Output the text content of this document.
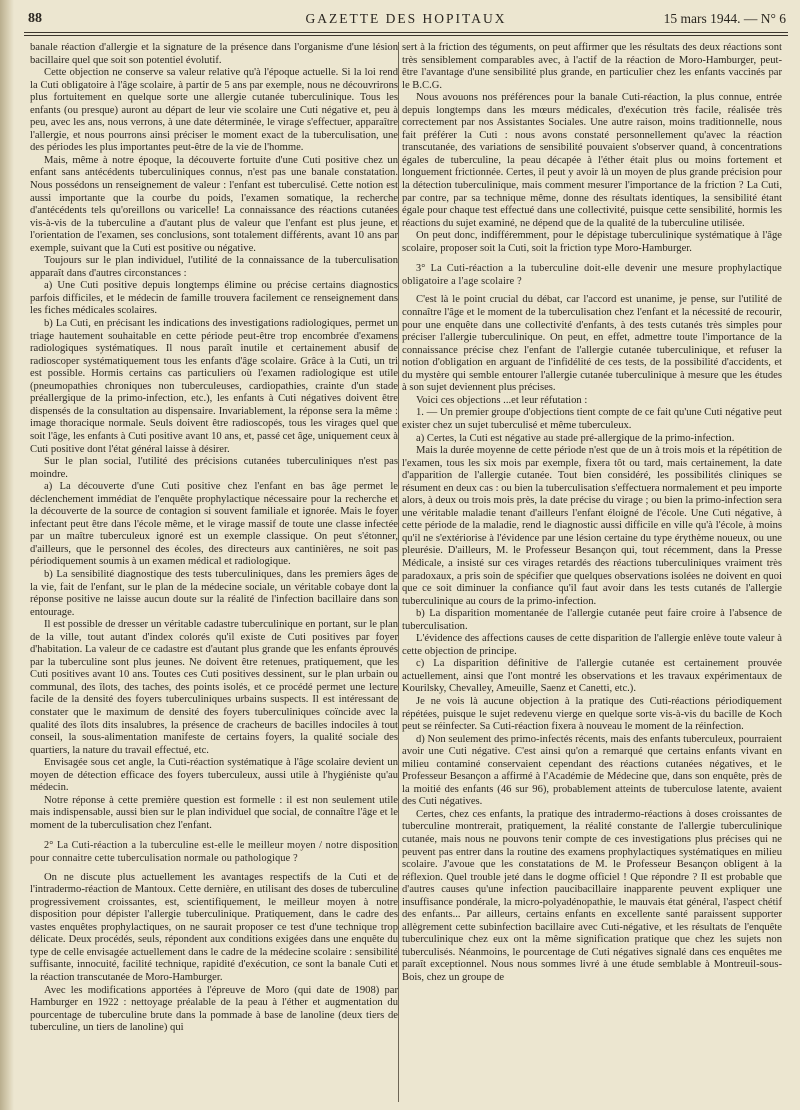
88	GAZETTE DES HOPITAUX	15 mars 1944. — N° 6

banale réaction d'allergie et la signature de la présence dans l'organisme d'une lésion bacillaire quel que soit son potentiel évolutif.

Cette objection ne conserve sa valeur relative qu'à l'époque actuelle. Si la loi rend la Cuti obligatoire à l'âge scolaire, à partir de 5 ans par exemple, nous ne découvrirons plus fortuitement en quelque sorte une allergie cutanée tuberculinique. Tous les enfants (ou presque) auront au départ de leur vie scolaire une Cuti négative et, peu à peu, avec les ans, nous verrons, à une date déterminée, le virage s'effectuer, apparaître l'allergie, et nous pourrons ainsi préciser le moment exact de la tuberculisation, une des périodes les plus importantes peut-être de la vie de l'homme.

Mais, même à notre époque, la découverte fortuite d'une Cuti positive chez un enfant sans antécédents tuberculiniques connus, n'est pas une banale constatation. Nous possédons un renseignement de valeur : l'enfant est tuberculisé. Cette notion est aussi importante que la courbe du poids, l'examen somatique, la recherche d'antécédents tels qu'oreillons ou varicelle! La connaissance des réactions cutanées vis-à-vis de la tuberculine a d'autant plus de valeur que l'enfant est plus jeune, et l'orientation de l'examen, ses conclusions, sont totalement différents, avant 10 ans par exemple, suivant que la Cuti est positive ou négative.

Toujours sur le plan individuel, l'utilité de la connaissance de la tuberculisation apparaît dans d'autres circonstances :

a) Une Cuti positive depuis longtemps élimine ou précise certains diagnostics parfois difficiles, et le médecin de famille trouvera facilement ce renseignement dans les fiches médicales scolaires.

b) La Cuti, en précisant les indications des investigations radiologiques, permet un triage hautement souhaitable en cette période peut-être trop encombrée d'examens radiologiques systématiques. Il nous paraît inutile et certainement abusif de radioscoper systématiquement tous les enfants d'âge scolaire. Grâce à la Cuti, un tri est possible. Hormis certains cas particuliers où l'examen radiologique est utile (pneumopathies chroniques non tuberculeuses, cardiopathies, crainte d'un stade préallergique de la primo-infection, etc.), les enfants à Cuti négatives doivent être dispensés de la consultation au dispensaire. Invariablement, la réponse sera la même : image thoracique normale. Seuls doivent être radioscopés, tous les virages quel que soit l'âge, les enfants à Cuti positive avant 10 ans, et, passé cet âge, uniquement ceux à Cuti positive dont l'état général laisse à désirer.

Sur le plan social, l'utilité des précisions cutanées tuberculiniques n'est pas moindre.

a) La découverte d'une Cuti positive chez l'enfant en bas âge permet le déclenchement immédiat de l'enquête prophylactique nécessaire pour la recherche et la découverte de la source de contagion si souvent familiale et ignorée. Mais le foyer infectant peut être dans l'école même, et le virage massif de toute une classe infectée par un maître tuberculeux ignoré est un exemple classique. On peut s'étonner, d'ailleurs, que le personnel des écoles, des directeurs aux cantinières, ne soit pas périodiquement soumis à un examen médical et radiologique.

b) La sensibilité diagnostique des tests tuberculiniques, dans les premiers âges de la vie, fait de l'enfant, sur le plan de la médecine sociale, un véritable cobaye dont la réponse positive ne laisse aucun doute sur la réalité de l'infection bacillaire dans son entourage.

Il est possible de dresser un véritable cadastre tuberculinique en portant, sur le plan de la ville, tout autant d'index colorés qu'il existe de Cuti positives par foyer d'habitation. La valeur de ce cadastre est d'autant plus grande que les enfants éprouvés par la tuberculine sont plus jeunes. Ne doivent être retenues, pratiquement, que les Cuti positives avant 10 ans. Toutes ces Cuti positives dessinent, sur le plan urbain ou communal, des îlots, des taches, des points isolés, et ce procédé permet une lecture facile de la densité des foyers tuberculiniques urbains suspects. Il est intéressant de constater que le maximum de densité des foyers tuberculiniques coïncide avec la qualité des îlots dits insalubres, la présence de cracheurs de bacilles indociles à tout conseil, la sous-alimentation manifeste de certains foyers, la qualité sociale des quartiers, la nature du travail effectué, etc.

Envisagée sous cet angle, la Cuti-réaction systématique à l'âge scolaire devient un moyen de détection efficace des foyers tuberculeux, aussi utile à l'hygiéniste qu'au médecin.

Notre réponse à cette première question est formelle : il est non seulement utile mais indispensable, aussi bien sur le plan individuel que social, de connaître l'âge et le moment de la tuberculisation chez l'enfant.

2° La Cuti-réaction a la tuberculine est-elle le meilleur moyen / notre disposition pour connaitre cette tuberculisation normale ou pathologique ?

On ne discute plus actuellement les avantages respectifs de la Cuti et de l'intradermo-réaction de Mantoux. Cette dernière, en utilisant des doses de tuberculine progressivement croissantes, est, scientifiquement, le meilleur moyen à notre disposition pour dépister l'allergie tuberculinique. Pratiquement, dans le cadre des vastes enquêtes prophylactiques, on ne saurait proposer ce test d'une technique trop délicate. Deux procédés, seuls, répondent aux conditions exigées dans une enquête du type de celle envisagée actuellement dans le cadre de la médecine scolaire : sensibilité suffisante, innocuité, facilité technique, rapidité d'exécution, ce sont la banale Cuti et la réaction transcutanée de Moro-Hamburger.

Avec les modifications apportées à l'épreuve de Moro (qui date de 1908) par Hamburger en 1922 : nettoyage préalable de la peau à l'éther et augmentation du pourcentage de tuberculine brute dans la pommade à base de lanoline (deux tiers de tuberculine, un tiers de lanoline) qui

sert à la friction des téguments, on peut affirmer que les résultats des deux réactions sont très sensiblement comparables avec, à l'actif de la réaction de Moro-Hamburger, peut-être l'avantage d'une sensibilité plus grande, en particulier chez les enfants vaccinés par le B.C.G.

Nous avouons nos préférences pour la banale Cuti-réaction, la plus connue, entrée depuis longtemps dans les mœurs médicales, d'exécution très facile, réalisée très correctement par nos Assistantes Sociales. Une autre raison, moins traditionnelle, nous fait préférer la Cuti : nous avons constaté personnellement qu'avec la réaction transcutanée, des variations de sensibilité pouvaient s'observer quand, à concentrations égales de tuberculine, la peau décapée à l'éther était plus ou moins fortement et longuement frictionnée. Certes, il peut y avoir là un moyen de plus grande précision pour la détection tuberculinique, mais comment mesurer l'importance de la friction ? La Cuti, par contre, par sa technique même, donne des résultats identiques, la sensibilité étant égale pour chaque test effectué dans une collectivité, puisque cette sensibilité, hormis les réactions du sujet examiné, ne dépend que de la qualité de la tuberculine utilisée.

On peut donc, indifféremment, pour le dépistage tuberculinique systématique à l'âge scolaire, proposer soit la Cuti, soit la friction type Moro-Hamburger.

3° La Cuti-réaction a la tuberculine doit-elle devenir une mesure prophylactique obligatoire a l'age scolaire ?

C'est là le point crucial du débat, car l'accord est unanime, je pense, sur l'utilité de connaître l'âge et le moment de la tuberculisation chez l'enfant et la nécessité de recourir, pour une enquête dans une collectivité d'enfants, à des tests cutanés très simples pour préciser l'allergie tuberculinique. On peut, en effet, admettre toute l'importance de la connaissance précise chez l'enfant de l'allergie cutanée tuberculinique, et refuser la notion d'obligation en arguant de l'infidélité de ces tests, de la possibilité d'accidents, et du mystère qui semble entourer l'allergie cutanée tuberculinique à mesure que les études à son sujet deviennent plus précises.

Voici ces objections ...et leur réfutation :

1. — Un premier groupe d'objections tient compte de ce fait qu'une Cuti négative peut exister chez un sujet tuberculisé et même tuberculeux.

a) Certes, la Cuti est négative au stade pré-allergique de la primo-infection.

Mais la durée moyenne de cette période n'est que de un à trois mois et la répétition de l'examen, tous les six mois par exemple, fixera tôt ou tard, mais certainement, la date d'apparition de l'allergie cutanée. Tout bien considéré, les possibilités cliniques se résument en deux cas : ou bien la tuberculisation s'effectuera normalement et peu importe alors, à deux ou trois mois près, la date précise du virage ; ou bien la primo-infection sera une véritable maladie tenant d'ailleurs l'enfant éloigné de l'école. Une Cuti négative, à cette période de la maladie, rend le diagnostic aussi difficile en ville qu'à l'école, à moins qu'il ne s'extériorise à l'évidence par une lésion certaine du type érythème noueux, ou une pleurésie. D'ailleurs, M. le Professeur Besançon qui, tout récemment, dans la Presse Médicale, a insisté sur ces virages retardés des réactions tuberculiniques vraiment très paradoxaux, a pris soin de spécifier que quelques observations isolées ne doivent en quoi que ce soit diminuer la confiance qu'il faut avoir dans les tests cutanés de l'allergie tuberculinique au cours de la primo-infection.

b) La disparition momentanée de l'allergie cutanée peut faire croire à l'absence de tuberculisation.

L'évidence des affections causes de cette disparition de l'allergie enlève toute valeur à cette objection de principe.

c) La disparition définitive de l'allergie cutanée est certainement prouvée actuellement, ainsi que l'ont montré les observations et les travaux expérimentaux de Kourilsky, Chevalley, Ameuille, Saenz et Canetti, etc.).

Je ne vois là aucune objection à la pratique des Cuti-réactions périodiquement répétées, puisque le sujet redevenu vierge en quelque sorte vis-à-vis du bacille de Koch peut se réinfecter. Sa Cuti-réaction fixera à nouveau le moment de la réinfection.

d) Non seulement des primo-infectés récents, mais des enfants tuberculeux, pourraient avoir une Cuti négative. C'est ainsi qu'on a remarqué que certains enfants vivant en milieu contaminé conservaient cependant des réactions cutanées négatives, et le Professeur Besançon a affirmé à l'Académie de Médecine que, dans son enquête, près de la moitié des enfants (46 sur 96), probablement atteints de tuberculose latente, avaient des Cuti négatives.

Certes, chez ces enfants, la pratique des intradermo-réactions à doses croissantes de tuberculine montrerait, pratiquement, la réalité constante de l'allergie tuberculinique cutanée, mais nous ne pouvons tenir compte de ces investigations plus précises qui ne peuvent pas entrer dans la routine des examens prophylactiques systématiques en milieu scolaire. J'avoue que les constatations de M. le Professeur Besançon obligent à la réflexion. Quel trouble jeté dans le dogme officiel ! Que répondre ? Il est probable que d'autres causes qu'une infection paucibacillaire inapparente peuvent expliquer une insuffisance pondérale, la micro-polyadénopathie, le mauvais état général, l'aspect chétif des enfants... Par ailleurs, certains enfants en excellente santé paraissent supporter allègrement cette subinfection bacillaire avec Cuti-négative, et les résultats de l'enquête tuberculinique chez eux ont la même signification pratique que chez les sujets non tuberculisés. Néanmoins, le pourcentage de Cuti négatives signalé dans ces enquêtes me paraît exceptionnel. Nous nous sommes livré à une étude semblable à Montreuil-sous-Bois, chez un groupe de
